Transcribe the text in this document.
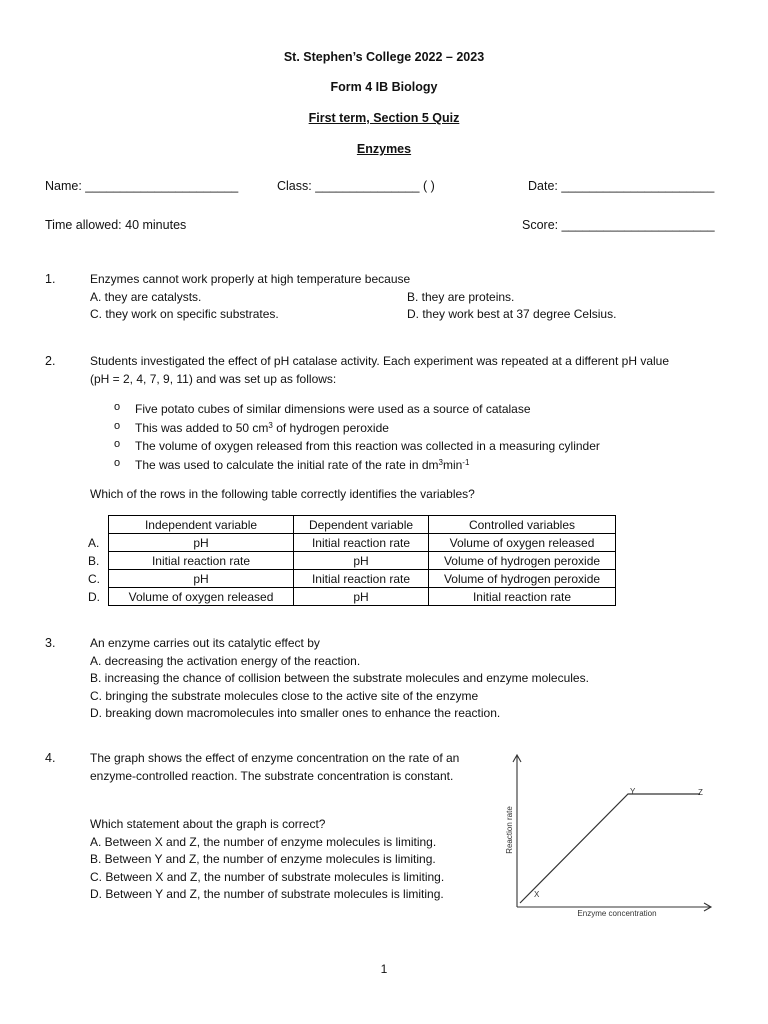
St. Stephen’s College 2022 – 2023
Form 4 IB Biology
First term, Section 5 Quiz
Enzymes
Name: ______________________	Class: _______________ ( )	Date: ______________________
Time allowed: 40 minutes	Score: ______________________
1.	Enzymes cannot work properly at high temperature because
A. they are catalysts.	B. they are proteins.
C. they work on specific substrates.	D. they work best at 37 degree Celsius.
2.	Students investigated the effect of pH catalase activity. Each experiment was repeated at a different pH value
(pH = 2, 4, 7, 9, 11) and was set up as follows:
o Five potato cubes of similar dimensions were used as a source of catalase
o This was added to 50 $cm^3$ of hydrogen peroxide
o The volume of oxygen released from this reaction was collected in a measuring cylinder
o The was used to calculate the initial rate of the rate in $dm^3\min^{-1}$
Which of the rows in the following table correctly identifies the variables?
	Independent variable	Dependent variable	Controlled variables
A.	pH	Initial reaction rate	Volume of oxygen released
B.	Initial reaction rate	pH	Volume of hydrogen peroxide
C.	pH	Initial reaction rate	Volume of hydrogen peroxide
D.	Volume of oxygen released	pH	Initial reaction rate
3.	An enzyme carries out its catalytic effect by
A. decreasing the activation energy of the reaction.
B. increasing the chance of collision between the substrate molecules and enzyme molecules.
C. bringing the substrate molecules close to the active site of the enzyme
D. breaking down macromolecules into smaller ones to enhance the reaction.
4.	The graph shows the effect of enzyme concentration on the rate of an
enzyme-controlled reaction. The substrate concentration is constant.
Which statement about the graph is correct?
A. Between X and Z, the number of enzyme molecules is limiting.
B. Between Y and Z, the number of enzyme molecules is limiting.
C. Between X and Z, the number of substrate molecules is limiting.
D. Between Y and Z, the number of substrate molecules is limiting.
Reaction rate
Enzyme concentration
X
Y	Z
1
